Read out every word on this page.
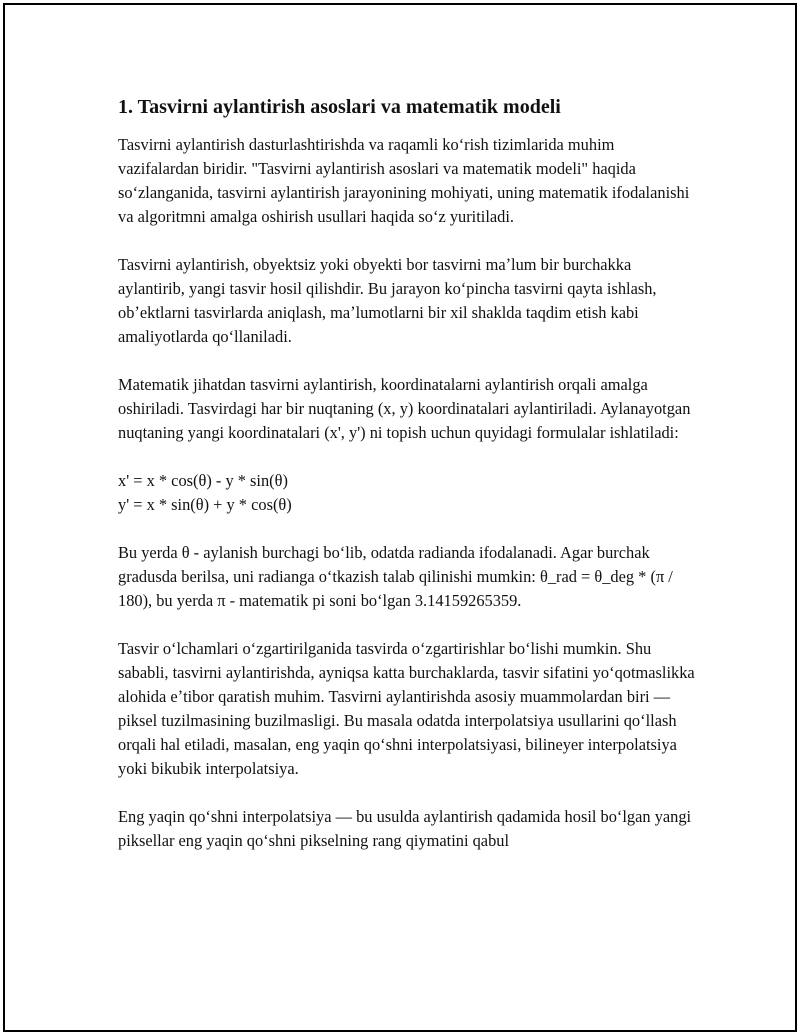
1. Tasvirni aylantirish asoslari va matematik modeli

Tasvirni aylantirish dasturlashtirishda va raqamli koʻrish tizimlarida muhim vazifalardan biridir. "Tasvirni aylantirish asoslari va matematik modeli" haqida soʻzlanganida, tasvirni aylantirish jarayonining mohiyati, uning matematik ifodalanishi va algoritmni amalga oshirish usullari haqida soʻz yuritiladi.

Tasvirni aylantirish, obyektsiz yoki obyekti bor tasvirni maʼlum bir burchakka aylantirib, yangi tasvir hosil qilishdir. Bu jarayon koʻpincha tasvirni qayta ishlash, obʼektlarni tasvirlarda aniqlash, maʼlumotlarni bir xil shaklda taqdim etish kabi amaliyotlarda qoʻllaniladi.

Matematik jihatdan tasvirni aylantirish, koordinatalarni aylantirish orqali amalga oshiriladi. Tasvirdagi har bir nuqtaning (x, y) koordinatalari aylantiriladi. Aylanayotgan nuqtaning yangi koordinatalari (x', y') ni topish uchun quyidagi formulalar ishlatiladi:

x' = x * cos(θ) - y * sin(θ)
y' = x * sin(θ) + y * cos(θ)

Bu yerda θ - aylanish burchagi boʻlib, odatda radianda ifodalanadi. Agar burchak gradusda berilsa, uni radianga oʻtkazish talab qilinishi mumkin: θ_rad = θ_deg * (π / 180), bu yerda π - matematik pi soni boʻlgan 3.14159265359.

Tasvir oʻlchamlari oʻzgartirilganida tasvirda oʻzgartirishlar boʻlishi mumkin. Shu sababli, tasvirni aylantirishda, ayniqsa katta burchaklarda, tasvir sifatini yoʻqotmaslikka alohida eʼtibor qaratish muhim. Tasvirni aylantirishda asosiy muammolardan biri — piksel tuzilmasining buzilmasligi. Bu masala odatda interpolatsiya usullarini qoʻllash orqali hal etiladi, masalan, eng yaqin qoʻshni interpolatsiyasi, bilineyer interpolatsiya yoki bikubik interpolatsiya.

Eng yaqin qoʻshni interpolatsiya — bu usulda aylantirish qadamida hosil boʻlgan yangi piksellar eng yaqin qoʻshni pikselning rang qiymatini qabul
